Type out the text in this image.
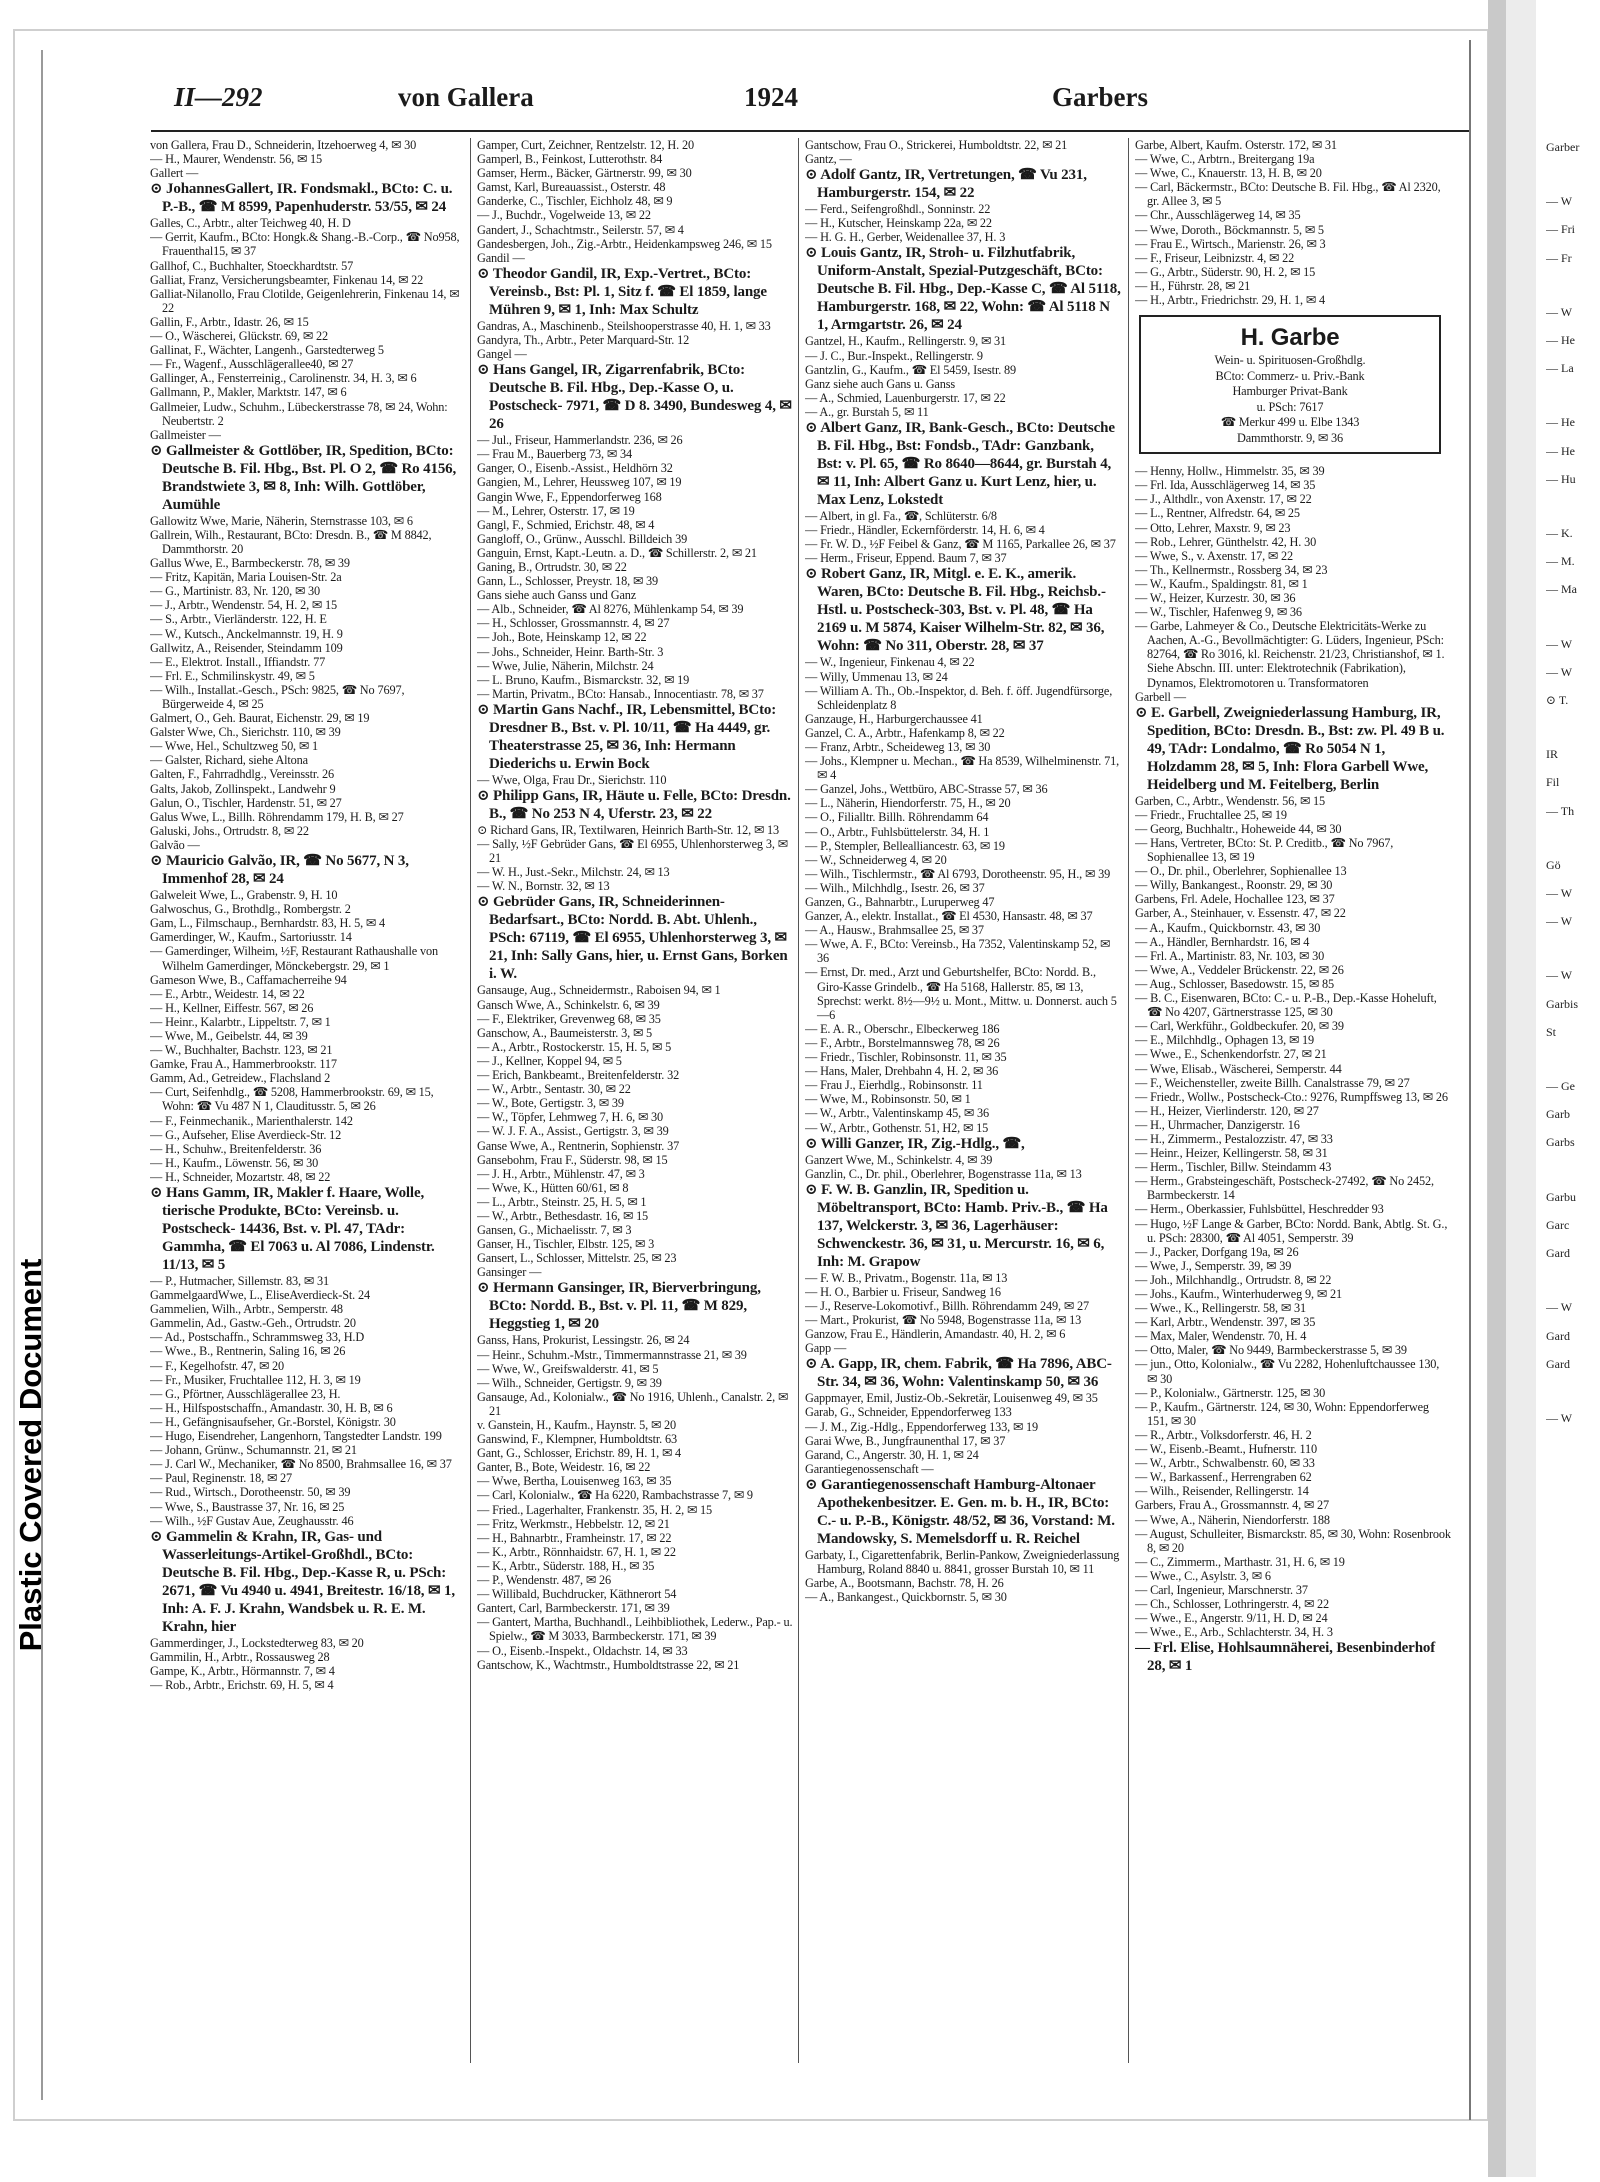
Plastic Covered Document
II—292	von Gallera	1924	Garbers

von Gallera, Frau D., Schneiderin, Itzehoerweg 4, ✉ 30

— H., Maurer, Wendenstr. 56, ✉ 15

Gallert —

⊙ JohannesGallert, IR. Fondsmakl., BCto: C. u. P.-B., ☎ M 8599, Papenhuderstr. 53/55, ✉ 24

Galles, C., Arbtr., alter Teichweg 40, H. D

— Gerrit, Kaufm., BCto: Hongk.& Shang.-B.-Corp., ☎ No958, Frauenthal15, ✉ 37

Gallhof, C., Buchhalter, Stoeckhardtstr. 57

Galliat, Franz, Versicherungsbeamter, Finkenau 14, ✉ 22

Galliat-Nilanollo, Frau Clotilde, Geigenlehrerin, Finkenau 14, ✉ 22

Gallin, F., Arbtr., Idastr. 26, ✉ 15

— O., Wäscherei, Glückstr. 69, ✉ 22

Gallinat, F., Wächter, Langenh., Garstedterweg 5

— Fr., Wagenf., Ausschlägerallee40, ✉ 27

Gallinger, A., Fensterreinig., Carolinenstr. 34, H. 3, ✉ 6

Gallmann, P., Makler, Marktstr. 147, ✉ 6

Gallmeier, Ludw., Schuhm., Lübeckerstrasse 78, ✉ 24, Wohn: Neubertstr. 2

Gallmeister —

⊙ Gallmeister & Gottlöber, IR, Spedition, BCto: Deutsche B. Fil. Hbg., Bst. Pl. O 2, ☎ Ro 4156, Brandstwiete 3, ✉ 8, Inh: Wilh. Gottlöber, Aumühle

Gallowitz Wwe, Marie, Näherin, Sternstrasse 103, ✉ 6

Gallrein, Wilh., Restaurant, BCto: Dresdn. B., ☎ M 8842, Dammthorstr. 20

Gallus Wwe, E., Barmbeckerstr. 78, ✉ 39

— Fritz, Kapitän, Maria Louisen-Str. 2a

— G., Martinistr. 83, Nr. 120, ✉ 30

— J., Arbtr., Wendenstr. 54, H. 2, ✉ 15

— S., Arbtr., Vierländerstr. 122, H. E

— W., Kutsch., Anckelmannstr. 19, H. 9

Gallwitz, A., Reisender, Steindamm 109

— E., Elektrot. Install., Iffiandstr. 77

— Frl. E., Schmilinskystr. 49, ✉ 5

— Wilh., Installat.-Gesch., PSch: 9825, ☎ No 7697, Bürgerweide 4, ✉ 25

Galmert, O., Geh. Baurat, Eichenstr. 29, ✉ 19

Galster Wwe, Ch., Sierichstr. 110, ✉ 39

— Wwe, Hel., Schultzweg 50, ✉ 1

— Galster, Richard, siehe Altona

Galten, F., Fahrradhdlg., Vereinsstr. 26

Galts, Jakob, Zollinspekt., Landwehr 9

Galun, O., Tischler, Hardenstr. 51, ✉ 27

Galus Wwe, L., Billh. Röhrendamm 179, H. B, ✉ 27

Galuski, Johs., Ortrudstr. 8, ✉ 22

Galvão —

⊙ Mauricio Galvão, IR, ☎ No 5677, N 3, Immenhof 28, ✉ 24

Galweleit Wwe, L., Grabenstr. 9, H. 10

Galwoschus, G., Brothdlg., Rombergstr. 2

Gam, L., Filmschaup., Bernhardstr. 83, H. 5, ✉ 4

Gamerdinger, W., Kaufm., Sartoriusstr. 14

— Gamerdinger, Wilheim, ½F, Restaurant Rathaushalle von Wilhelm Gamerdinger, Mönckebergstr. 29, ✉ 1

Gameson Wwe, B., Caffamacherreihe 94

— E., Arbtr., Weidestr. 14, ✉ 22

— H., Kellner, Eiffestr. 567, ✉ 26

— Heinr., Kalarbtr., Lippeltstr. 7, ✉ 1

— Wwe, M., Geibelstr. 44, ✉ 39

— W., Buchhalter, Bachstr. 123, ✉ 21

Gamke, Frau A., Hammerbrookstr. 117

Gamm, Ad., Getreidew., Flachsland 2

— Curt, Seifenhdlg., ☎ 5208, Hammerbrookstr. 69, ✉ 15, Wohn: ☎ Vu 487 N 1, Clauditusstr. 5, ✉ 26

— F., Feinmechanik., Marienthalerstr. 142

— G., Aufseher, Elise Averdieck-Str. 12

— H., Schuhw., Breitenfelderstr. 36

— H., Kaufm., Löwenstr. 56, ✉ 30

— H., Schneider, Mozartstr. 48, ✉ 22

⊙ Hans Gamm, IR, Makler f. Haare, Wolle, tierische Produkte, BCto: Vereinsb. u. Postscheck- 14436, Bst. v. Pl. 47, TAdr: Gammha, ☎ El 7063 u. Al 7086, Lindenstr. 11/13, ✉ 5

— P., Hutmacher, Sillemstr. 83, ✉ 31

GammelgaardWwe, L., EliseAverdieck-St. 24

Gammelien, Wilh., Arbtr., Semperstr. 48

Gammelin, Ad., Gastw.-Geh., Ortrudstr. 20

— Ad., Postschaffn., Schrammsweg 33, H.D

— Wwe., B., Rentnerin, Saling 16, ✉ 26

— F., Kegelhofstr. 47, ✉ 20

— Fr., Musiker, Fruchtallee 112, H. 3, ✉ 19

— G., Pförtner, Ausschlägerallee 23, H.

— H., Hilfspostschaffn., Amandastr. 30, H. B, ✉ 6

— H., Gefängnisaufseher, Gr.-Borstel, Königstr. 30

— Hugo, Eisendreher, Langenhorn, Tangstedter Landstr. 199

— Johann, Grünw., Schumannstr. 21, ✉ 21

— J. Carl W., Mechaniker, ☎ No 8500, Brahmsallee 16, ✉ 37

— Paul, Reginenstr. 18, ✉ 27

— Rud., Wirtsch., Dorotheenstr. 50, ✉ 39

— Wwe, S., Baustrasse 37, Nr. 16, ✉ 25

— Wilh., ½F Gustav Aue, Zeughausstr. 46

⊙ Gammelin & Krahn, IR, Gas- und Wasserleitungs-Artikel-Großhdl., BCto: Deutsche B. Fil. Hbg., Dep.-Kasse R, u. PSch: 2671, ☎ Vu 4940 u. 4941, Breitestr. 16/18, ✉ 1, Inh: A. F. J. Krahn, Wandsbek u. R. E. M. Krahn, hier

Gammerdinger, J., Lockstedterweg 83, ✉ 20

Gammilin, H., Arbtr., Rossausweg 28

Gampe, K., Arbtr., Hörmannstr. 7, ✉ 4

— Rob., Arbtr., Erichstr. 69, H. 5, ✉ 4

Gamper, Curt, Zeichner, Rentzelstr. 12, H. 20

Gamperl, B., Feinkost, Lutterothstr. 84

Gamser, Herm., Bäcker, Gärtnerstr. 99, ✉ 30

Gamst, Karl, Bureauassist., Osterstr. 48

Ganderke, C., Tischler, Eichholz 48, ✉ 9

— J., Buchdr., Vogelweide 13, ✉ 22

Gandert, J., Schachtmstr., Seilerstr. 57, ✉ 4

Gandesbergen, Joh., Zig.-Arbtr., Heidenkampsweg 246, ✉ 15

Gandil —

⊙ Theodor Gandil, IR, Exp.-Vertret., BCto: Vereinsb., Bst: Pl. 1, Sitz f. ☎ El 1859, lange Mühren 9, ✉ 1, Inh: Max Schultz

Gandras, A., Maschinenb., Steilshooperstrasse 40, H. 1, ✉ 33

Gandyra, Th., Arbtr., Peter Marquard-Str. 12

Gangel —

⊙ Hans Gangel, IR, Zigarrenfabrik, BCto: Deutsche B. Fil. Hbg., Dep.-Kasse O, u. Postscheck- 7971, ☎ D 8. 3490, Bundesweg 4, ✉ 26

— Jul., Friseur, Hammerlandstr. 236, ✉ 26

— Frau M., Bauerberg 73, ✉ 34

Ganger, O., Eisenb.-Assist., Heldhörn 32

Gangien, M., Lehrer, Heussweg 107, ✉ 19

Gangin Wwe, F., Eppendorferweg 168

— M., Lehrer, Osterstr. 17, ✉ 19

Gangl, F., Schmied, Erichstr. 48, ✉ 4

Gangloff, O., Grünw., Ausschl. Billdeich 39

Ganguin, Ernst, Kapt.-Leutn. a. D., ☎ Schillerstr. 2, ✉ 21

Ganing, B., Ortrudstr. 30, ✉ 22

Gann, L., Schlosser, Preystr. 18, ✉ 39

Gans siehe auch Ganss und Ganz

— Alb., Schneider, ☎ Al 8276, Mühlenkamp 54, ✉ 39

— H., Schlosser, Grossmannstr. 4, ✉ 27

— Joh., Bote, Heinskamp 12, ✉ 22

— Johs., Schneider, Heinr. Barth-Str. 3

— Wwe, Julie, Näherin, Milchstr. 24

— L. Bruno, Kaufm., Bismarckstr. 32, ✉ 19

— Martin, Privatm., BCto: Hansab., Innocentiastr. 78, ✉ 37

⊙ Martin Gans Nachf., IR, Lebensmittel, BCto: Dresdner B., Bst. v. Pl. 10/11, ☎ Ha 4449, gr. Theaterstrasse 25, ✉ 36, Inh: Hermann Diederichs u. Erwin Bock

— Wwe, Olga, Frau Dr., Sierichstr. 110

⊙ Philipp Gans, IR, Häute u. Felle, BCto: Dresdn. B., ☎ No 253 N 4, Uferstr. 23, ✉ 22

⊙ Richard Gans, IR, Textilwaren, Heinrich Barth-Str. 12, ✉ 13

— Sally, ½F Gebrüder Gans, ☎ El 6955, Uhlenhorsterweg 3, ✉ 21

— W. H., Just.-Sekr., Milchstr. 24, ✉ 13

— W. N., Bornstr. 32, ✉ 13

⊙ Gebrüder Gans, IR, Schneiderinnen-Bedarfsart., BCto: Nordd. B. Abt. Uhlenh., PSch: 67119, ☎ El 6955, Uhlenhorsterweg 3, ✉ 21, Inh: Sally Gans, hier, u. Ernst Gans, Borken i. W.

Gansauge, Aug., Schneidermstr., Raboisen 94, ✉ 1

Gansch Wwe, A., Schinkelstr. 6, ✉ 39

— F., Elektriker, Grevenweg 68, ✉ 35

Ganschow, A., Baumeisterstr. 3, ✉ 5

— A., Arbtr., Rostockerstr. 15, H. 5, ✉ 5

— J., Kellner, Koppel 94, ✉ 5

— Erich, Bankbeamt., Breitenfelderstr. 32

— W., Arbtr., Sentastr. 30, ✉ 22

— W., Bote, Gertigstr. 3, ✉ 39

— W., Töpfer, Lehmweg 7, H. 6, ✉ 30

— W. J. F. A., Assist., Gertigstr. 3, ✉ 39

Ganse Wwe, A., Rentnerin, Sophienstr. 37

Gansebohm, Frau F., Süderstr. 98, ✉ 15

— J. H., Arbtr., Mühlenstr. 47, ✉ 3

— Wwe, K., Hütten 60/61, ✉ 8

— L., Arbtr., Steinstr. 25, H. 5, ✉ 1

— W., Arbtr., Bethesdastr. 16, ✉ 15

Gansen, G., Michaelisstr. 7, ✉ 3

Ganser, H., Tischler, Elbstr. 125, ✉ 3

Gansert, L., Schlosser, Mittelstr. 25, ✉ 23

Gansinger —

⊙ Hermann Gansinger, IR, Bierverbringung, BCto: Nordd. B., Bst. v. Pl. 11, ☎ M 829, Heggstieg 1, ✉ 20

Ganss, Hans, Prokurist, Lessingstr. 26, ✉ 24

— Heinr., Schuhm.-Mstr., Timmermannstrasse 21, ✉ 39

— Wwe, W., Greifswalderstr. 41, ✉ 5

— Wilh., Schneider, Gertigstr. 9, ✉ 39

Gansauge, Ad., Kolonialw., ☎ No 1916, Uhlenh., Canalstr. 2, ✉ 21

v. Ganstein, H., Kaufm., Haynstr. 5, ✉ 20

Ganswind, F., Klempner, Humboldtstr. 63

Gant, G., Schlosser, Erichstr. 89, H. 1, ✉ 4

Ganter, B., Bote, Weidestr. 16, ✉ 22

— Wwe, Bertha, Louisenweg 163, ✉ 35

— Carl, Kolonialw., ☎ Ha 6220, Rambachstrasse 7, ✉ 9

— Fried., Lagerhalter, Frankenstr. 35, H. 2, ✉ 15

— Fritz, Werkmstr., Hebbelstr. 12, ✉ 21

— H., Bahnarbtr., Framheinstr. 17, ✉ 22

— K., Arbtr., Rönnhaidstr. 67, H. 1, ✉ 22

— K., Arbtr., Süderstr. 188, H., ✉ 35

— P., Wendenstr. 487, ✉ 26

— Willibald, Buchdrucker, Käthnerort 54

Gantert, Carl, Barmbeckerstr. 171, ✉ 39

— Gantert, Martha, Buchhandl., Leihbibliothek, Lederw., Pap.- u. Spielw., ☎ M 3033, Barmbeckerstr. 171, ✉ 39

— O., Eisenb.-Inspekt., Oldachstr. 14, ✉ 33

Gantschow, K., Wachtmstr., Humboldtstrasse 22, ✉ 21

Gantschow, Frau O., Strickerei, Humboldtstr. 22, ✉ 21

Gantz, —

⊙ Adolf Gantz, IR, Vertretungen, ☎ Vu 231, Hamburgerstr. 154, ✉ 22

— Ferd., Seifengroßhdl., Sonninstr. 22

— H., Kutscher, Heinskamp 22a, ✉ 22

— H. G. H., Gerber, Weidenallee 37, H. 3

⊙ Louis Gantz, IR, Stroh- u. Filzhutfabrik, Uniform-Anstalt, Spezial-Putzgeschäft, BCto: Deutsche B. Fil. Hbg., Dep.-Kasse C, ☎ Al 5118, Hamburgerstr. 168, ✉ 22, Wohn: ☎ Al 5118 N 1, Armgartstr. 26, ✉ 24

Gantzel, H., Kaufm., Rellingerstr. 9, ✉ 31

— J. C., Bur.-Inspekt., Rellingerstr. 9

Gantzlin, G., Kaufm., ☎ El 5459, Isestr. 89

Ganz siehe auch Gans u. Ganss

— A., Schmied, Lauenburgerstr. 17, ✉ 22

— A., gr. Burstah 5, ✉ 11

⊙ Albert Ganz, IR, Bank-Gesch., BCto: Deutsche B. Fil. Hbg., Bst: Fondsb., TAdr: Ganzbank, Bst: v. Pl. 65, ☎ Ro 8640—8644, gr. Burstah 4, ✉ 11, Inh: Albert Ganz u. Kurt Lenz, hier, u. Max Lenz, Lokstedt

— Albert, in gl. Fa., ☎, Schlüterstr. 6/8

— Friedr., Händler, Eckernförderstr. 14, H. 6, ✉ 4

— Fr. W. D., ½F Feibel & Ganz, ☎ M 1165, Parkallee 26, ✉ 37

— Herm., Friseur, Eppend. Baum 7, ✉ 37

⊙ Robert Ganz, IR, Mitgl. e. E. K., amerik. Waren, BCto: Deutsche B. Fil. Hbg., Reichsb.-Hstl. u. Postscheck-303, Bst. v. Pl. 48, ☎ Ha 2169 u. M 5874, Kaiser Wilhelm-Str. 82, ✉ 36, Wohn: ☎ No 311, Oberstr. 28, ✉ 37

— W., Ingenieur, Finkenau 4, ✉ 22

— Willy, Ummenau 13, ✉ 24

— William A. Th., Ob.-Inspektor, d. Beh. f. öff. Jugendfürsorge, Schleidenplatz 8

Ganzauge, H., Harburgerchaussee 41

Ganzel, C. A., Arbtr., Hafenkamp 8, ✉ 22

— Franz, Arbtr., Scheideweg 13, ✉ 30

— Johs., Klempner u. Mechan., ☎ Ha 8539, Wilhelminenstr. 71, ✉ 4

— Ganzel, Johs., Wettbüro, ABC-Strasse 57, ✉ 36

— L., Näherin, Hiendorferstr. 75, H., ✉ 20

— O., Filialltr. Billh. Röhrendamm 64

— O., Arbtr., Fuhlsbüttelerstr. 34, H. 1

— P., Stempler, Bellealliancestr. 63, ✉ 19

— W., Schneiderweg 4, ✉ 20

— Wilh., Tischlermstr., ☎ Al 6793, Dorotheenstr. 95, H., ✉ 39

— Wilh., Milchhdlg., Isestr. 26, ✉ 37

Ganzen, G., Bahnarbtr., Luruperweg 47

Ganzer, A., elektr. Installat., ☎ El 4530, Hansastr. 48, ✉ 37

— A., Hausw., Brahmsallee 25, ✉ 37

— Wwe, A. F., BCto: Vereinsb., Ha 7352, Valentinskamp 52, ✉ 36

— Ernst, Dr. med., Arzt und Geburtshelfer, BCto: Nordd. B., Giro-Kasse Grindelb., ☎ Ha 5168, Hallerstr. 85, ✉ 13, Sprechst: werkt. 8½—9½ u. Mont., Mittw. u. Donnerst. auch 5—6

— E. A. R., Oberschr., Elbeckerweg 186

— F., Arbtr., Borstelmannsweg 78, ✉ 26

— Friedr., Tischler, Robinsonstr. 11, ✉ 35

— Hans, Maler, Drehbahn 4, H. 2, ✉ 36

— Frau J., Eierhdlg., Robinsonstr. 11

— Wwe, M., Robinsonstr. 50, ✉ 1

— W., Arbtr., Valentinskamp 45, ✉ 36

— W., Arbtr., Gothenstr. 51, H2, ✉ 15

⊙ Willi Ganzer, IR, Zig.-Hdlg., ☎,

Ganzert Wwe, M., Schinkelstr. 4, ✉ 39

Ganzlin, C., Dr. phil., Oberlehrer, Bogenstrasse 11a, ✉ 13

⊙ F. W. B. Ganzlin, IR, Spedition u. Möbeltransport, BCto: Hamb. Priv.-B., ☎ Ha 137, Welckerstr. 3, ✉ 36, Lagerhäuser: Schwenckestr. 36, ✉ 31, u. Mercurstr. 16, ✉ 6, Inh: M. Grapow

— F. W. B., Privatm., Bogenstr. 11a, ✉ 13

— H. O., Barbier u. Friseur, Sandweg 16

— J., Reserve-Lokomotivf., Billh. Röhrendamm 249, ✉ 27

— Mart., Prokurist, ☎ No 5948, Bogenstrasse 11a, ✉ 13

Ganzow, Frau E., Händlerin, Amandastr. 40, H. 2, ✉ 6

Gapp —

⊙ A. Gapp, IR, chem. Fabrik, ☎ Ha 7896, ABC-Str. 34, ✉ 36, Wohn: Valentinskamp 50, ✉ 36

Gappmayer, Emil, Justiz-Ob.-Sekretär, Louisenweg 49, ✉ 35

Garab, G., Schneider, Eppendorferweg 133

— J. M., Zig.-Hdlg., Eppendorferweg 133, ✉ 19

Garai Wwe, B., Jungfraunenthal 17, ✉ 37

Garand, C., Angerstr. 30, H. 1, ✉ 24

Garantiegenossenschaft —

⊙ Garantiegenossenschaft Hamburg-Altonaer Apothekenbesitzer. E. Gen. m. b. H., IR, BCto: C.- u. P.-B., Königstr. 48/52, ✉ 36, Vorstand: M. Mandowsky, S. Memelsdorff u. R. Reichel

Garbaty, I., Cigarettenfabrik, Berlin-Pankow, Zweigniederlassung Hamburg, Roland 8840 u. 8841, grosser Burstah 10, ✉ 11

Garbe, A., Bootsmann, Bachstr. 78, H. 26

— A., Bankangest., Quickbornstr. 5, ✉ 30

Garbe, Albert, Kaufm. Osterstr. 172, ✉ 31

— Wwe, C., Arbtrn., Breitergang 19a

— Wwe, C., Knauerstr. 13, H. B, ✉ 20

— Carl, Bäckermstr., BCto: Deutsche B. Fil. Hbg., ☎ Al 2320, gr. Allee 3, ✉ 5

— Chr., Ausschlägerweg 14, ✉ 35

— Wwe, Doroth., Böckmannstr. 5, ✉ 5

— Frau E., Wirtsch., Marienstr. 26, ✉ 3

— F., Friseur, Leibnizstr. 4, ✉ 22

— G., Arbtr., Süderstr. 90, H. 2, ✉ 15

— H., Führstr. 28, ✉ 21

— H., Arbtr., Friedrichstr. 29, H. 1, ✉ 4

H. Garbe
Wein- u. Spirituosen-Großhdlg.
BCto: Commerz- u. Priv.-Bank
Hamburger Privat-Bank
u. PSch: 7617
☎ Merkur 499 u. Elbe 1343
Dammthorstr. 9, ✉ 36

— Henny, Hollw., Himmelstr. 35, ✉ 39

— Frl. Ida, Ausschlägerweg 14, ✉ 35

— J., Althdlr., von Axenstr. 17, ✉ 22

— L., Rentner, Alfredstr. 64, ✉ 25

— Otto, Lehrer, Maxstr. 9, ✉ 23

— Rob., Lehrer, Günthelstr. 42, H. 30

— Wwe, S., v. Axenstr. 17, ✉ 22

— Th., Kellnermstr., Rossberg 34, ✉ 23

— W., Kaufm., Spaldingstr. 81, ✉ 1

— W., Heizer, Kurzestr. 30, ✉ 36

— W., Tischler, Hafenweg 9, ✉ 36

— Garbe, Lahmeyer & Co., Deutsche Elektricitäts-Werke zu Aachen, A.-G., Bevollmächtigter: G. Lüders, Ingenieur, PSch: 82764, ☎ Ro 3016, kl. Reichenstr. 21/23, Christianshof, ✉ 1. Siehe Abschn. III. unter: Elektrotechnik (Fabrikation), Dynamos, Elektromotoren u. Transformatoren

Garbell —

⊙ E. Garbell, Zweigniederlassung Hamburg, IR, Spedition, BCto: Dresdn. B., Bst: zw. Pl. 49 B u. 49, TAdr: Londalmo, ☎ Ro 5054 N 1, Holzdamm 28, ✉ 5, Inh: Flora Garbell Wwe, Heidelberg und M. Feitelberg, Berlin

Garben, C., Arbtr., Wendenstr. 56, ✉ 15

— Friedr., Fruchtallee 25, ✉ 19

— Georg, Buchhaltr., Hoheweide 44, ✉ 30

— Hans, Vertreter, BCto: St. P. Creditb., ☎ No 7967, Sophienallee 13, ✉ 19

— O., Dr. phil., Oberlehrer, Sophienallee 13

— Willy, Bankangest., Roonstr. 29, ✉ 30

Garbens, Frl. Adele, Hochallee 123, ✉ 37

Garber, A., Steinhauer, v. Essenstr. 47, ✉ 22

— A., Kaufm., Quickbornstr. 43, ✉ 30

— A., Händler, Bernhardstr. 16, ✉ 4

— Frl. A., Martinistr. 83, Nr. 103, ✉ 30

— Wwe, A., Veddeler Brückenstr. 22, ✉ 26

— Aug., Schlosser, Basedowstr. 15, ✉ 85

— B. C., Eisenwaren, BCto: C.- u. P.-B., Dep.-Kasse Hoheluft, ☎ No 4207, Gärtnerstrasse 125, ✉ 30

— Carl, Werkführ., Goldbeckufer. 20, ✉ 39

— E., Milchhdlg., Ophagen 13, ✉ 19

— Wwe., E., Schenkendorfstr. 27, ✉ 21

— Wwe, Elisab., Wäscherei, Semperstr. 44

— F., Weichensteller, zweite Billh. Canalstrasse 79, ✉ 27

— Friedr., Wollw., Postscheck-Cto.: 9276, Rumpffsweg 13, ✉ 26

— H., Heizer, Vierlinderstr. 120, ✉ 27

— H., Uhrmacher, Danzigerstr. 16

— H., Zimmerm., Pestalozzistr. 47, ✉ 33

— Heinr., Heizer, Kellingerstr. 58, ✉ 31

— Herm., Tischler, Billw. Steindamm 43

— Herm., Grabsteingeschäft, Postscheck-27492, ☎ No 2452, Barmbeckerstr. 14

— Herm., Oberkassier, Fuhlsbüttel, Heschredder 93

— Hugo, ½F Lange & Garber, BCto: Nordd. Bank, Abtlg. St. G., u. PSch: 28300, ☎ Al 4051, Semperstr. 39

— J., Packer, Dorfgang 19a, ✉ 26

— Wwe, J., Semperstr. 39, ✉ 39

— Joh., Milchhandlg., Ortrudstr. 8, ✉ 22

— Johs., Kaufm., Winterhuderweg 9, ✉ 21

— Wwe., K., Rellingerstr. 58, ✉ 31

— Karl, Arbtr., Wendenstr. 397, ✉ 35

— Max, Maler, Wendenstr. 70, H. 4

— Otto, Maler, ☎ No 9449, Barmbeckerstrasse 5, ✉ 39

— jun., Otto, Kolonialw., ☎ Vu 2282, Hohenluftchaussee 130, ✉ 30

— P., Kolonialw., Gärtnerstr. 125, ✉ 30

— P., Kaufm., Gärtnerstr. 124, ✉ 30, Wohn: Eppendorferweg 151, ✉ 30

— R., Arbtr., Volksdorferstr. 46, H. 2

— W., Eisenb.-Beamt., Hufnerstr. 110

— W., Arbtr., Schwalbenstr. 60, ✉ 33

— W., Barkassenf., Herrengraben 62

— Wilh., Reisender, Rellingerstr. 14

Garbers, Frau A., Grossmannstr. 4, ✉ 27

— Wwe, A., Näherin, Niendorferstr. 188

— August, Schulleiter, Bismarckstr. 85, ✉ 30, Wohn: Rosenbrook 8, ✉ 20

— C., Zimmerm., Marthastr. 31, H. 6, ✉ 19

— Wwe., C., Asylstr. 3, ✉ 6

— Carl, Ingenieur, Marschnerstr. 37

— Ch., Schlosser, Lothringerstr. 4, ✉ 22

— Wwe., E., Angerstr. 9/11, H. D, ✉ 24

— Wwe., E., Arb., Schlachterstr. 34, H. 3

— Frl. Elise, Hohlsaumnäherei, Besenbinderhof 28, ✉ 1

Garber
— W
— Fri
— Fr
— W
— He
— La
— He
— He
— Hu
— K.
— M.
— Ma
— W
— W
⊙ T.
IR
Fil
— Th
Gö
— W
— W
— W
Garbis
St
— Ge
Garb
Garbs
Garbu
Garc
Gard
— W
Gard
Gard
— W
